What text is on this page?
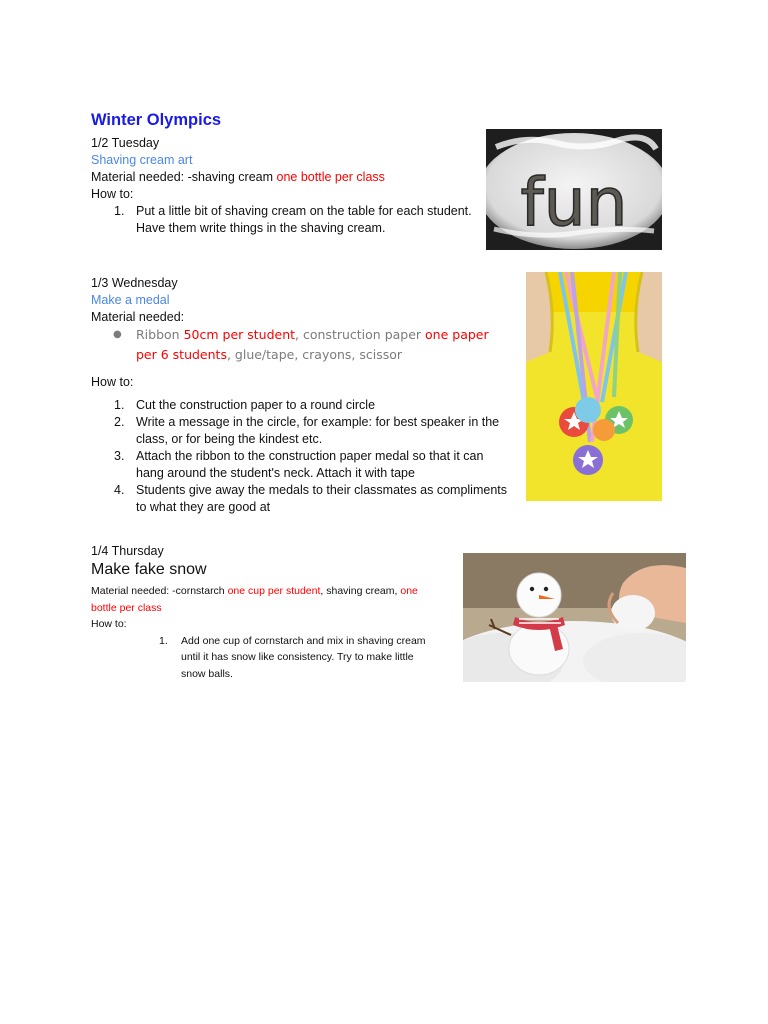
Winter Olympics
1/2 Tuesday
Shaving cream art
Material needed: -shaving cream one bottle per class
How to:
1. Put a little bit of shaving cream on the table for each student.
Have them write things in the shaving cream.	fun
1/3 Wednesday
Make a medal
Material needed:
● Ribbon 50cm per student, construction paper one paper
per 6 students, glue/tape, crayons, scissor
How to:
1. Cut the construction paper to a round circle
2. Write a message in the circle, for example: for best speaker in the
class, or for being the kindest etc.
3. Attach the ribbon to the construction paper medal so that it can
hang around the student's neck. Attach it with tape
4. Students give away the medals to their classmates as compliments
to what they are good at
1/4 Thursday
Make fake snow
Material needed: -cornstarch one cup per student, shaving cream, one
bottle per class
How to:
1. Add one cup of cornstarch and mix in shaving cream
until it has snow like consistency. Try to make little
snow balls.
